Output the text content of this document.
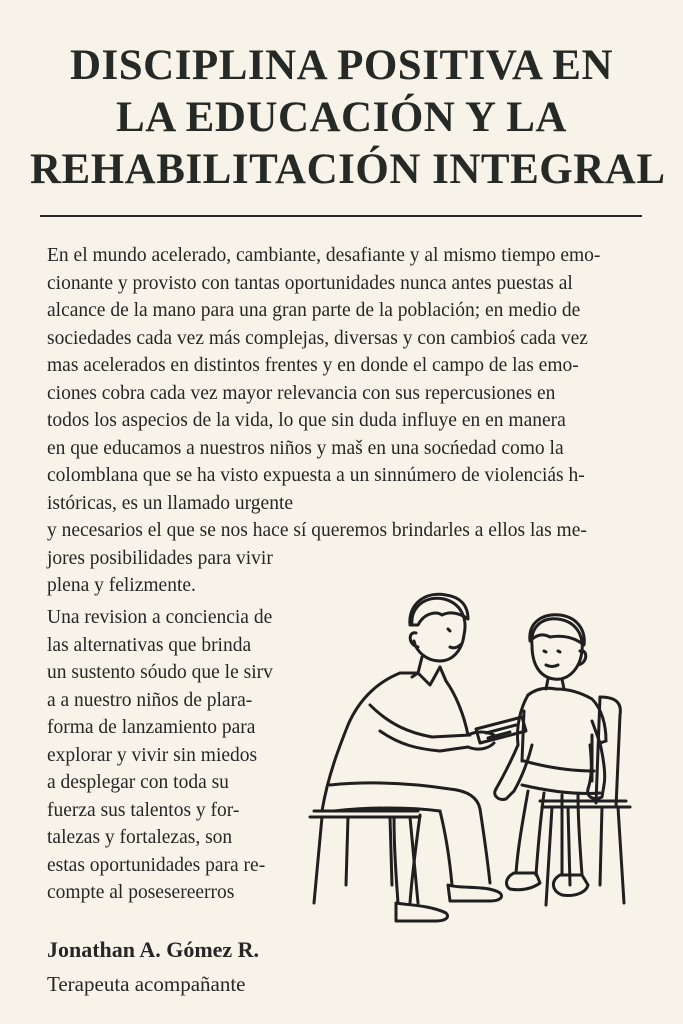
DISCIPLINA POSITIVA EN
LA EDUCACIÓN Y LA
REHABILITACIÓN INTEGRAL
En el mundo acelerado, cambiante, desafiante y al mismo tiempo emo-
cionante y provisto con tantas oportunidades nunca antes puestas al
alcance de la mano para una gran parte de la población; en medio de
sociedades cada vez más complejas, diversas y con cambioś cada vez
mas acelerados en distintos frentes y en donde el campo de las emo-
ciones cobra cada vez mayor relevancia con sus repercusiones en
todos los aspecios de la vida, lo que sin duda influye en en manera
en que educamos a nuestros niños y maš en una socńedad como la
colomblana que se ha visto expuesta a un sinnúmero de violenciás h-
istóricas, es un llamado urgente
y necesarios el que se nos hace sí queremos brindarles a ellos las me-
jores posibilidades para vivir
plena y felizmente.
Una revision a conciencia de
las alternativas que brinda
un sustento sóudo que le sirv
a a nuestro niños de plara-
forma de lanzamiento para
explorar y vivir sin miedos
a desplegar con toda su
fuerza sus talentos y for-
talezas y fortalezas, son
estas oportunidades para re-
compte al posesereerros
Jonathan A. Gómez R.
Terapeuta acompañante
